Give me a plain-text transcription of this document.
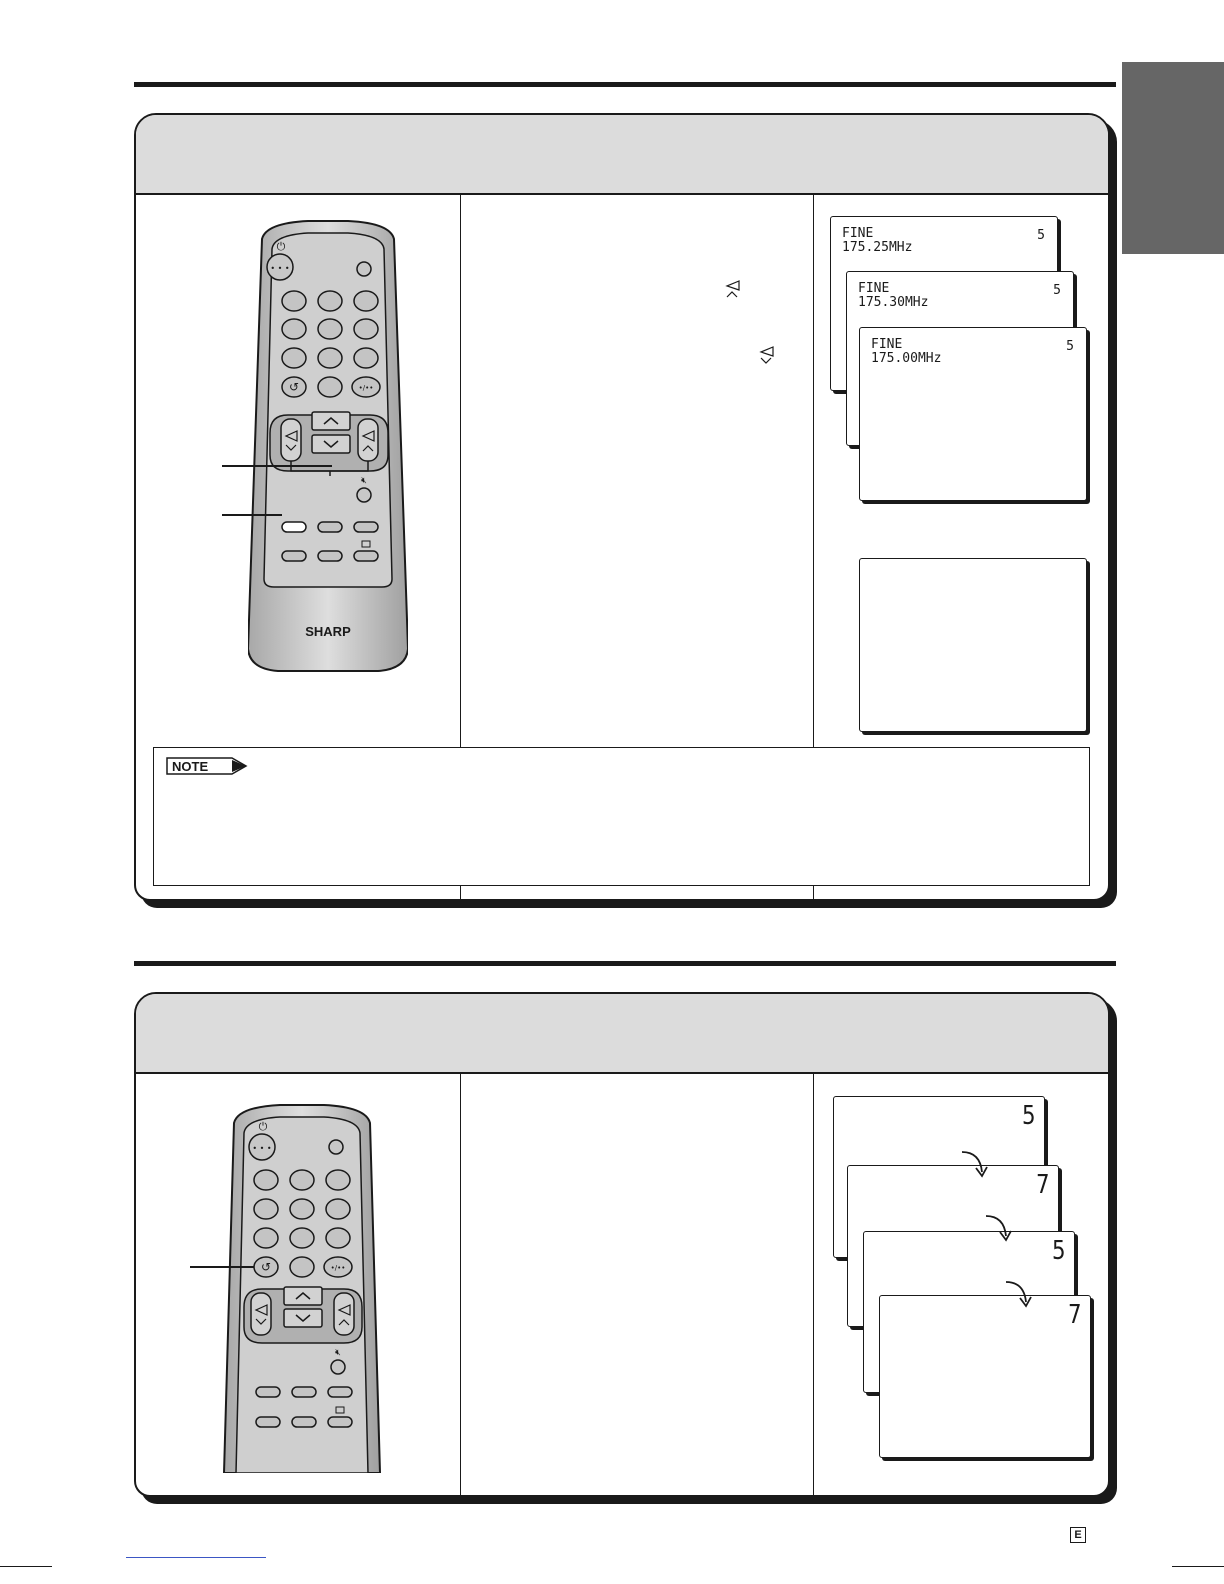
• • •
⏻
↺	•/••
🔇︎
SHARP
FINE
175.25MHz
5
FINE
175.30MHz
5
FINE
175.00MHz
5
NOTE
• • •
⏻
↺	•/••
🔇︎
5
7
5
7
E
